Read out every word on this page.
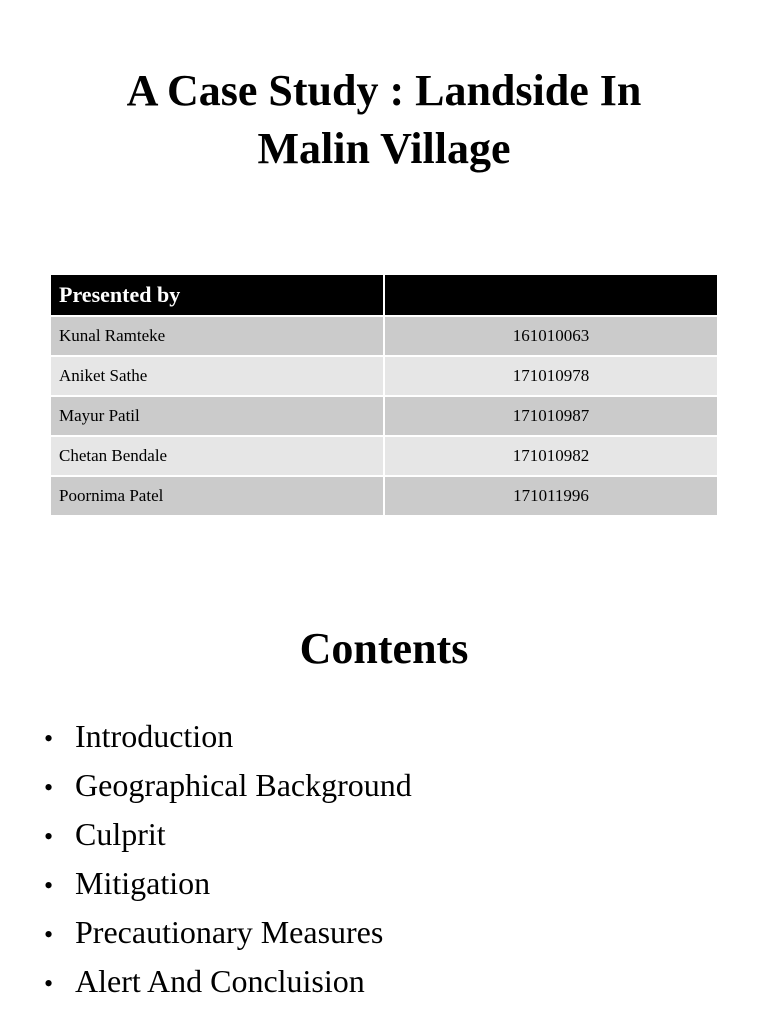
A Case Study : Landside In
Malin Village
Presented by	
Kunal Ramteke	161010063
Aniket Sathe	171010978
Mayur Patil	171010987
Chetan Bendale	171010982
Poornima Patel	171011996
Contents
• Introduction
• Geographical Background
• Culprit
• Mitigation
• Precautionary Measures
• Alert And Concluision
